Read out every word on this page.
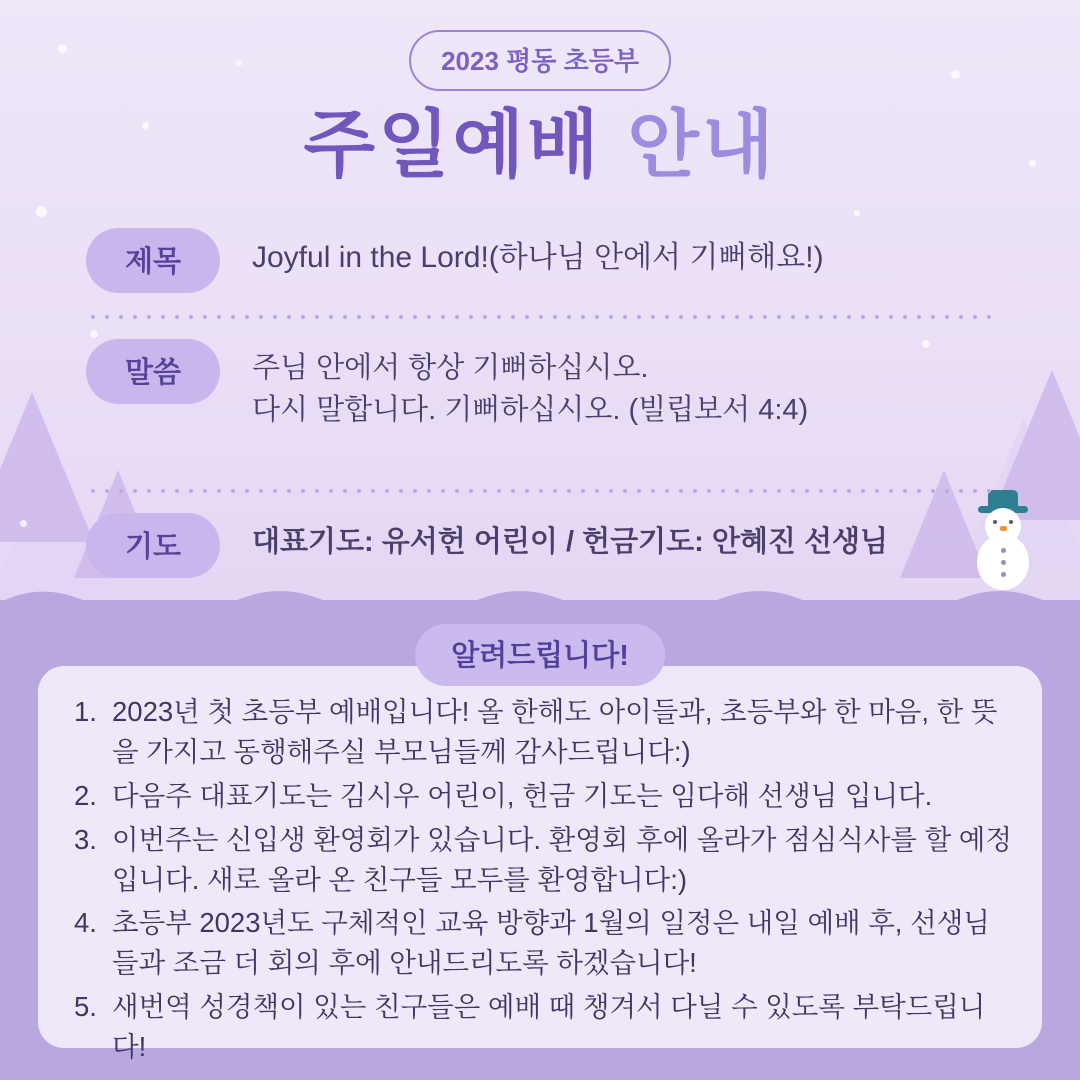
2023 평동 초등부
주일예배 안내
제목	Joyful in the Lord!(하나님 안에서 기뻐해요!)
말씀	주님 안에서 항상 기뻐하십시오.
다시 말합니다. 기뻐하십시오. (빌립보서 4:4)
기도	대표기도: 유서헌 어린이 / 헌금기도: 안혜진 선생님
알려드립니다!
2023년 첫 초등부 예배입니다! 올 한해도 아이들과, 초등부와 한 마음, 한 뜻을 가지고 동행해주실 부모님들께 감사드립니다:)
다음주 대표기도는 김시우 어린이, 헌금 기도는 임다해 선생님 입니다.
이번주는 신입생 환영회가 있습니다. 환영회 후에 올라가 점심식사를 할 예정입니다. 새로 올라 온 친구들 모두를 환영합니다:)
초등부 2023년도 구체적인 교육 방향과 1월의 일정은 내일 예배 후, 선생님들과 조금 더 회의 후에 안내드리도록 하겠습니다!
새번역 성경책이 있는 친구들은 예배 때 챙겨서 다닐 수 있도록 부탁드립니다!
